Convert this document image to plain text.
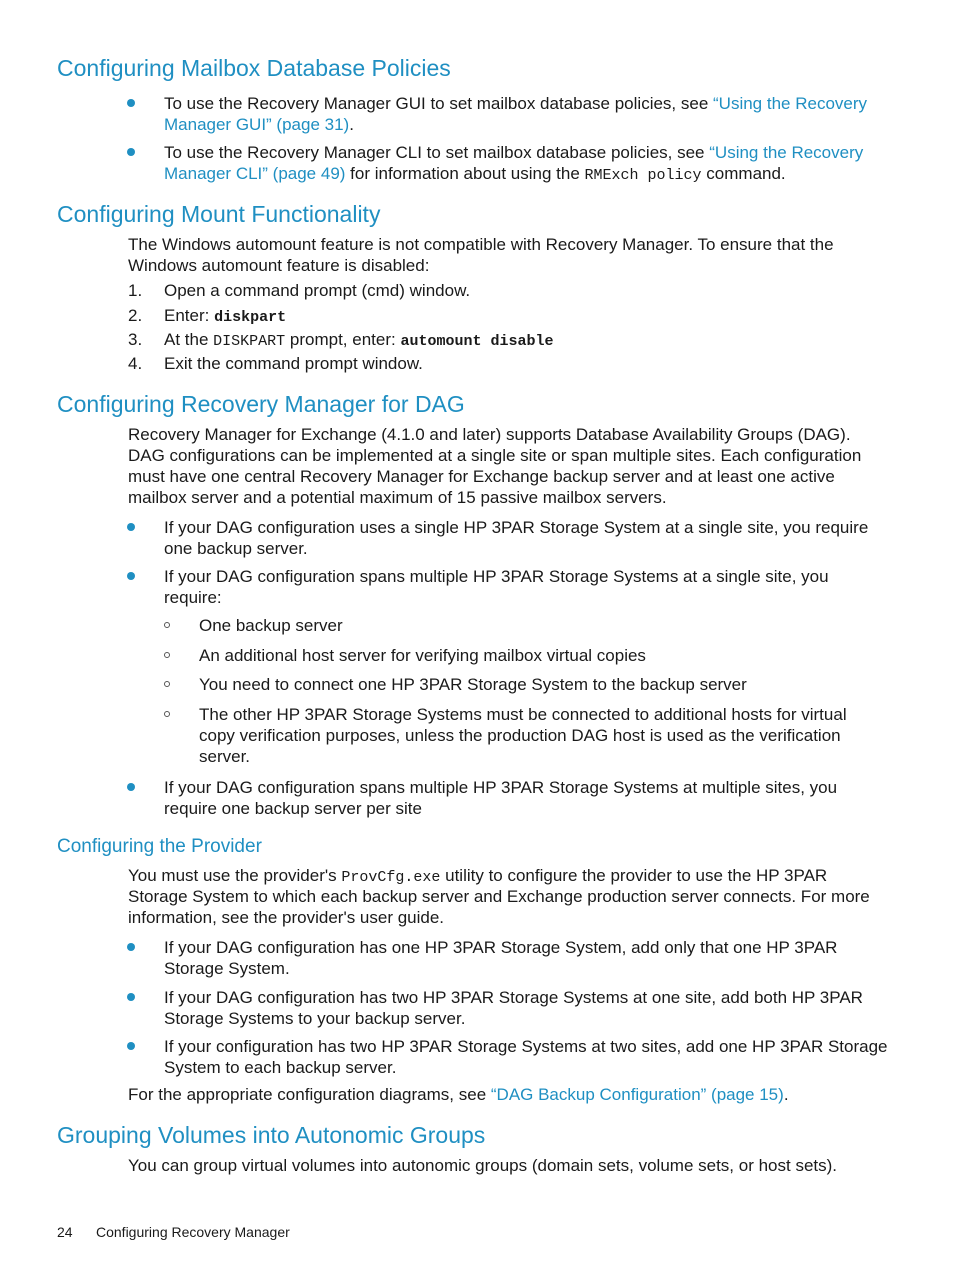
Configuring Mailbox Database Policies
To use the Recovery Manager GUI to set mailbox database policies, see “Using the Recovery
Manager GUI” (page 31).
To use the Recovery Manager CLI to set mailbox database policies, see “Using the Recovery
Manager CLI” (page 49) for information about using the RMExch policy command.
Configuring Mount Functionality
The Windows automount feature is not compatible with Recovery Manager. To ensure that the
Windows automount feature is disabled:
1. Open a command prompt (cmd) window.
2. Enter: diskpart
3. At the DISKPART prompt, enter: automount disable
4. Exit the command prompt window.
Configuring Recovery Manager for DAG
Recovery Manager for Exchange (4.1.0 and later) supports Database Availability Groups (DAG).
DAG configurations can be implemented at a single site or span multiple sites. Each configuration
must have one central Recovery Manager for Exchange backup server and at least one active
mailbox server and a potential maximum of 15 passive mailbox servers.
If your DAG configuration uses a single HP 3PAR Storage System at a single site, you require
one backup server.
If your DAG configuration spans multiple HP 3PAR Storage Systems at a single site, you
require:
One backup server
An additional host server for verifying mailbox virtual copies
You need to connect one HP 3PAR Storage System to the backup server
The other HP 3PAR Storage Systems must be connected to additional hosts for virtual
copy verification purposes, unless the production DAG host is used as the verification
server.
If your DAG configuration spans multiple HP 3PAR Storage Systems at multiple sites, you
require one backup server per site
Configuring the Provider
You must use the provider's ProvCfg.exe utility to configure the provider to use the HP 3PAR
Storage System to which each backup server and Exchange production server connects. For more
information, see the provider's user guide.
If your DAG configuration has one HP 3PAR Storage System, add only that one HP 3PAR
Storage System.
If your DAG configuration has two HP 3PAR Storage Systems at one site, add both HP 3PAR
Storage Systems to your backup server.
If your configuration has two HP 3PAR Storage Systems at two sites, add one HP 3PAR Storage
System to each backup server.
For the appropriate configuration diagrams, see “DAG Backup Configuration” (page 15).
Grouping Volumes into Autonomic Groups
You can group virtual volumes into autonomic groups (domain sets, volume sets, or host sets).
24 Configuring Recovery Manager
